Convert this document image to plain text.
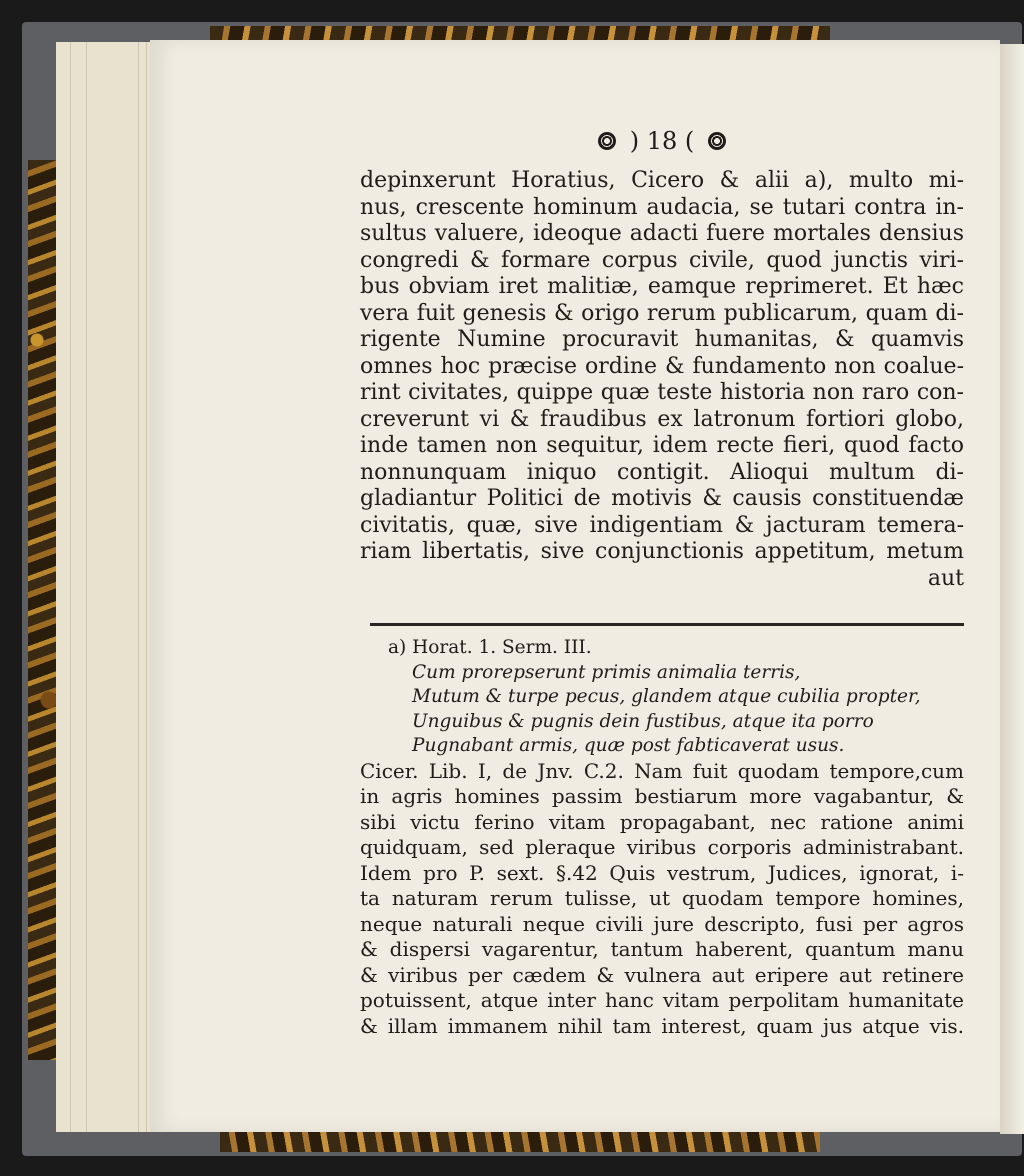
) 18 (
depinxerunt Horatius, Cicero & alii a), multo mi-
nus, crescente hominum audacia, se tutari contra in-
sultus valuere, ideoque adacti fuere mortales densius
congredi & formare corpus civile, quod junctis viri-
bus obviam iret malitiæ, eamque reprimeret. Et hæc
vera fuit genesis & origo rerum publicarum, quam di-
rigente Numine procuravit humanitas, & quamvis
omnes hoc præcise ordine & fundamento non coalue-
rint civitates, quippe quæ teste historia non raro con-
creverunt vi & fraudibus ex latronum fortiori globo,
inde tamen non sequitur, idem recte fieri, quod facto
nonnunquam iniquo contigit. Alioqui multum di-
gladiantur Politici de motivis & causis constituendæ
civitatis, quæ, sive indigentiam & jacturam temera-
riam libertatis, sive conjunctionis appetitum, metum
aut
a) Horat. 1. Serm. III.
Cum prorepserunt primis animalia terris,
Mutum & turpe pecus, glandem atque cubilia propter,
Unguibus & pugnis dein fustibus, atque ita porro
Pugnabant armis, quæ post fabticaverat usus.
Cicer. Lib. I, de Jnv. C.2. Nam fuit quodam tempore,cum
in agris homines passim bestiarum more vagabantur, &
sibi victu ferino vitam propagabant, nec ratione animi
quidquam, sed pleraque viribus corporis administrabant.
Idem pro P. sext. §.42 Quis vestrum, Judices, ignorat, i-
ta naturam rerum tulisse, ut quodam tempore homines,
neque naturali neque civili jure descripto, fusi per agros
& dispersi vagarentur, tantum haberent, quantum manu
& viribus per cædem & vulnera aut eripere aut retinere
potuissent, atque inter hanc vitam perpolitam humanitate
& illam immanem nihil tam interest, quam jus atque vis.
